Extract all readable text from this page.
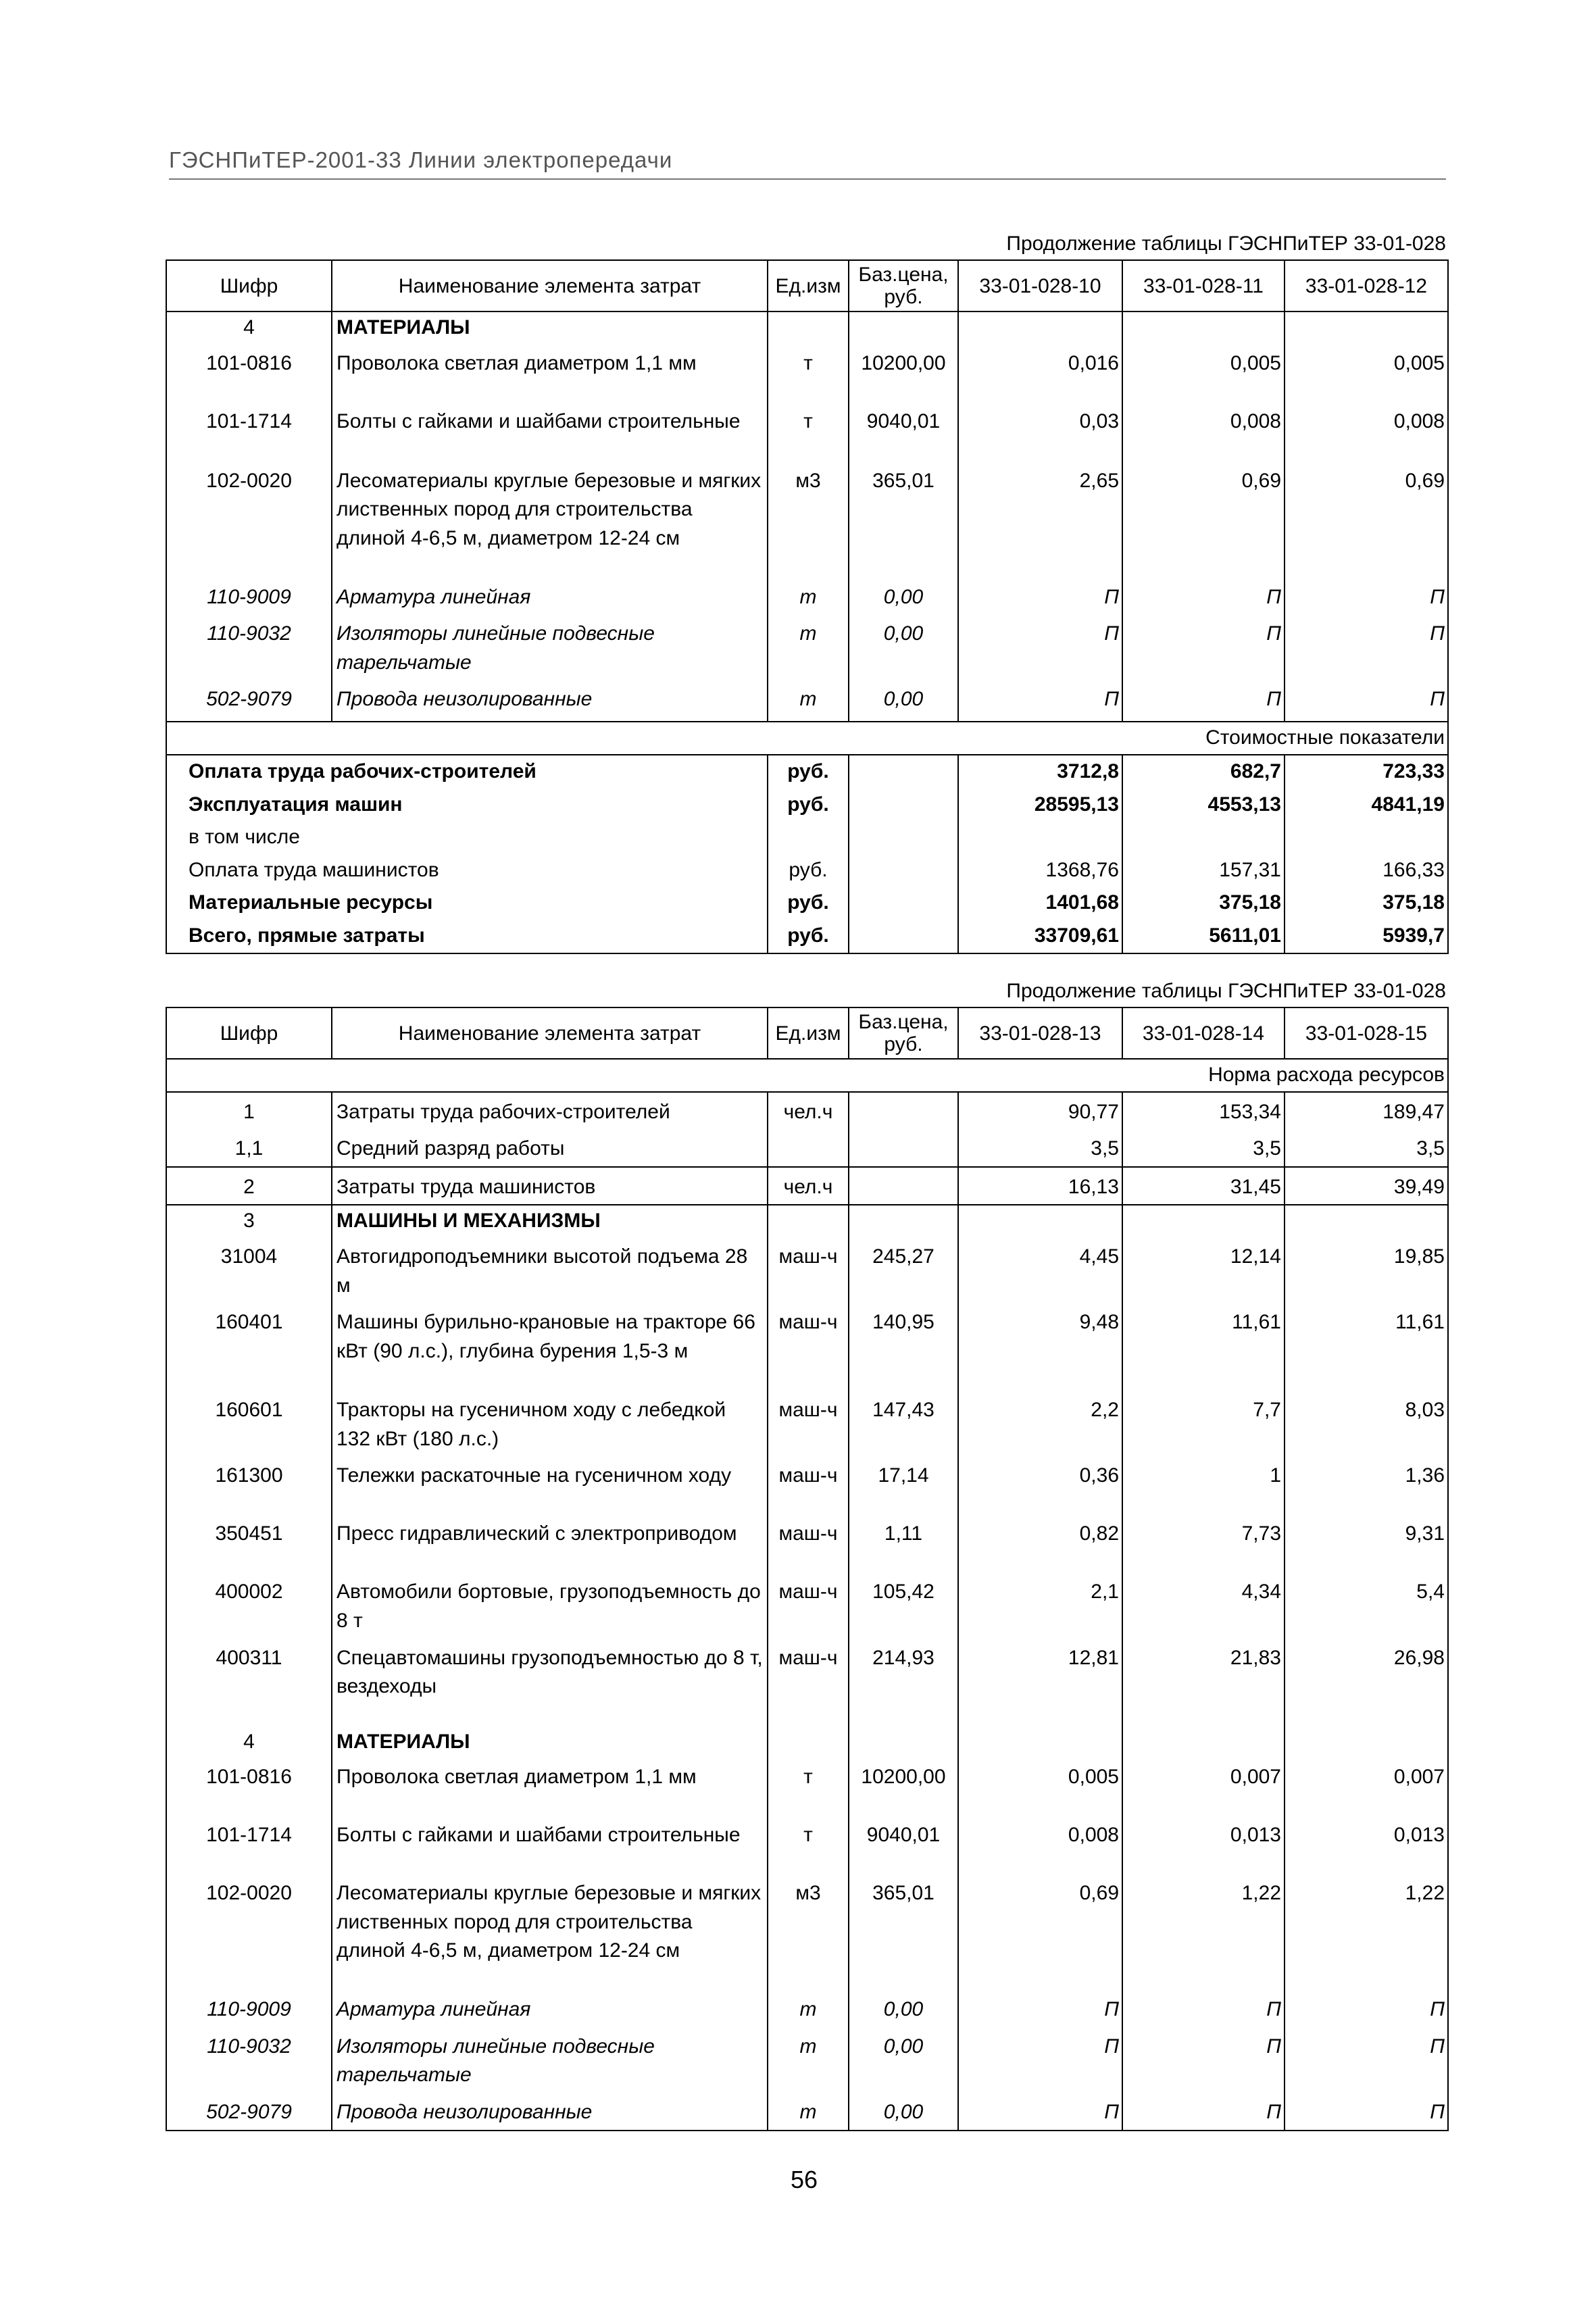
ГЭСНПиТЕР-2001-33 Линии электропередачи
Продолжение таблицы ГЭСНПиТЕР 33-01-028
Шифр	Наименование элемента затрат	Ед.изм	Баз.цена, руб.	33-01-028-10	33-01-028-11	33-01-028-12
4	МАТЕРИАЛЫ					
101-0816	Проволока светлая диаметром 1,1 мм	т	10200,00	0,016	0,005	0,005
101-1714	Болты с гайками и шайбами строительные	т	9040,01	0,03	0,008	0,008
102-0020	Лесоматериалы круглые березовые и мягких лиственных пород для строительства длиной 4-6,5 м, диаметром 12-24 см	м3	365,01	2,65	0,69	0,69
110-9009	Арматура линейная	m	0,00	П	П	П
110-9032	Изоляторы линейные подвесные тарельчатые	m	0,00	П	П	П
502-9079	Провода неизолированные	m	0,00	П	П	П
Стоимостные показатели						
Оплата труда рабочих-строителей		руб.		3712,8	682,7	723,33
Эксплуатация машин		руб.		28595,13	4553,13	4841,19
в том числе						
Оплата труда машинистов		руб.		1368,76	157,31	166,33
Материальные ресурсы		руб.		1401,68	375,18	375,18
Всего, прямые затраты		руб.		33709,61	5611,01	5939,7
Продолжение таблицы ГЭСНПиТЕР 33-01-028
Шифр	Наименование элемента затрат	Ед.изм	Баз.цена, руб.	33-01-028-13	33-01-028-14	33-01-028-15
Норма расхода ресурсов						
1	Затраты труда рабочих-строителей	чел.ч		90,77	153,34	189,47
1,1	Средний разряд работы			3,5	3,5	3,5
2	Затраты труда машинистов	чел.ч		16,13	31,45	39,49
3	МАШИНЫ И МЕХАНИЗМЫ					
31004	Автогидроподъемники высотой подъема 28 м	маш-ч	245,27	4,45	12,14	19,85
160401	Машины бурильно-крановые на тракторе 66 кВт (90 л.с.), глубина бурения 1,5-3 м	маш-ч	140,95	9,48	11,61	11,61
160601	Тракторы на гусеничном ходу с лебедкой 132 кВт (180 л.с.)	маш-ч	147,43	2,2	7,7	8,03
161300	Тележки раскаточные на гусеничном ходу	маш-ч	17,14	0,36	1	1,36
350451	Пресс гидравлический с электроприводом	маш-ч	1,11	0,82	7,73	9,31
400002	Автомобили бортовые, грузоподъемность до 8 т	маш-ч	105,42	2,1	4,34	5,4
400311	Спецавтомашины грузоподъемностью до 8 т, вездеходы	маш-ч	214,93	12,81	21,83	26,98
4	МАТЕРИАЛЫ					
101-0816	Проволока светлая диаметром 1,1 мм	т	10200,00	0,005	0,007	0,007
101-1714	Болты с гайками и шайбами строительные	т	9040,01	0,008	0,013	0,013
102-0020	Лесоматериалы круглые березовые и мягких лиственных пород для строительства длиной 4-6,5 м, диаметром 12-24 см	м3	365,01	0,69	1,22	1,22
110-9009	Арматура линейная	m	0,00	П	П	П
110-9032	Изоляторы линейные подвесные тарельчатые	m	0,00	П	П	П
502-9079	Провода неизолированные	m	0,00	П	П	П
56
